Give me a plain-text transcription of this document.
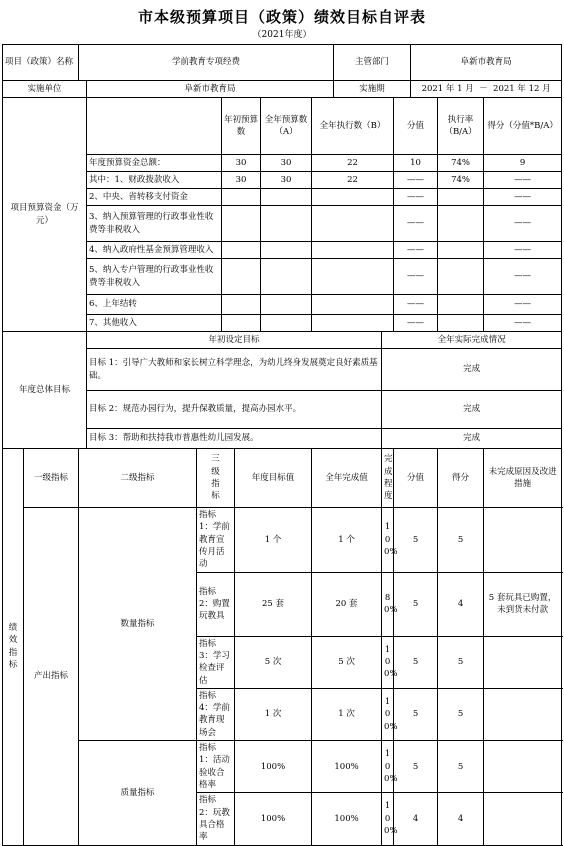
市本级预算项目（政策）绩效目标自评表
（2021年度）
项目（政策）名称		学前教育专项经费							主管部门			阜新市教育局		
实施单位			阜新市教育局						实施期			2021 年 1 月  －  2021 年 12 月		
项目预算资金（万元）					年初预算数		全年预算数（A）	全年执行数（B）			分值		执行率（B/A）	得分（分值*B/A）
			年度预算资金总额：		30		30	22			10		74%	9
			其中：1、财政拨款收入		30		30	22			——		74%	——
			2、中央、省转移支付资金								——			——
			3、纳入预算管理的行政事业性收费等非税收入								——			——
			4、纳入政府性基金预算管理收入								——			——
			5、纳入专户管理的行政事业性收费等非税收入								——			——
			6、上年结转								——			——
			7、其他收入								——			——
年度总体目标			年初设定目标							全年实际完成情况				
			目标 1：引导广大教师和家长树立科学理念，为幼儿终身发展奠定良好素质基础。							完成				
			目标 2：规范办园行为，提升保教质量，提高办园水平。							完成				
			目标 3：帮助和扶持我市普惠性幼儿园发展。							完成				
绩效指标	一级指标	二级指标		三级指标		年度目标值		全年完成值		完成程度	分值		得分	未完成原因及改进措施
	产出指标	数量指标		指标 1：学前教育宣传月活动		1 个		1 个		100%	5		5	
				指标 2：购置玩教具		25 套		20 套		80%	5		4	5 套玩具已购置，未到货未付款
				指标 3：学习检查评估		5 次		5 次		100%	5		5	
				指标 4：学前教育现场会		1 次		1 次		100%	5		5	
		质量指标		指标 1：活动验收合格率		100%		100%		100%	5		5	
				指标 2：玩教具合格率		100%		100%		100%	4		4	
